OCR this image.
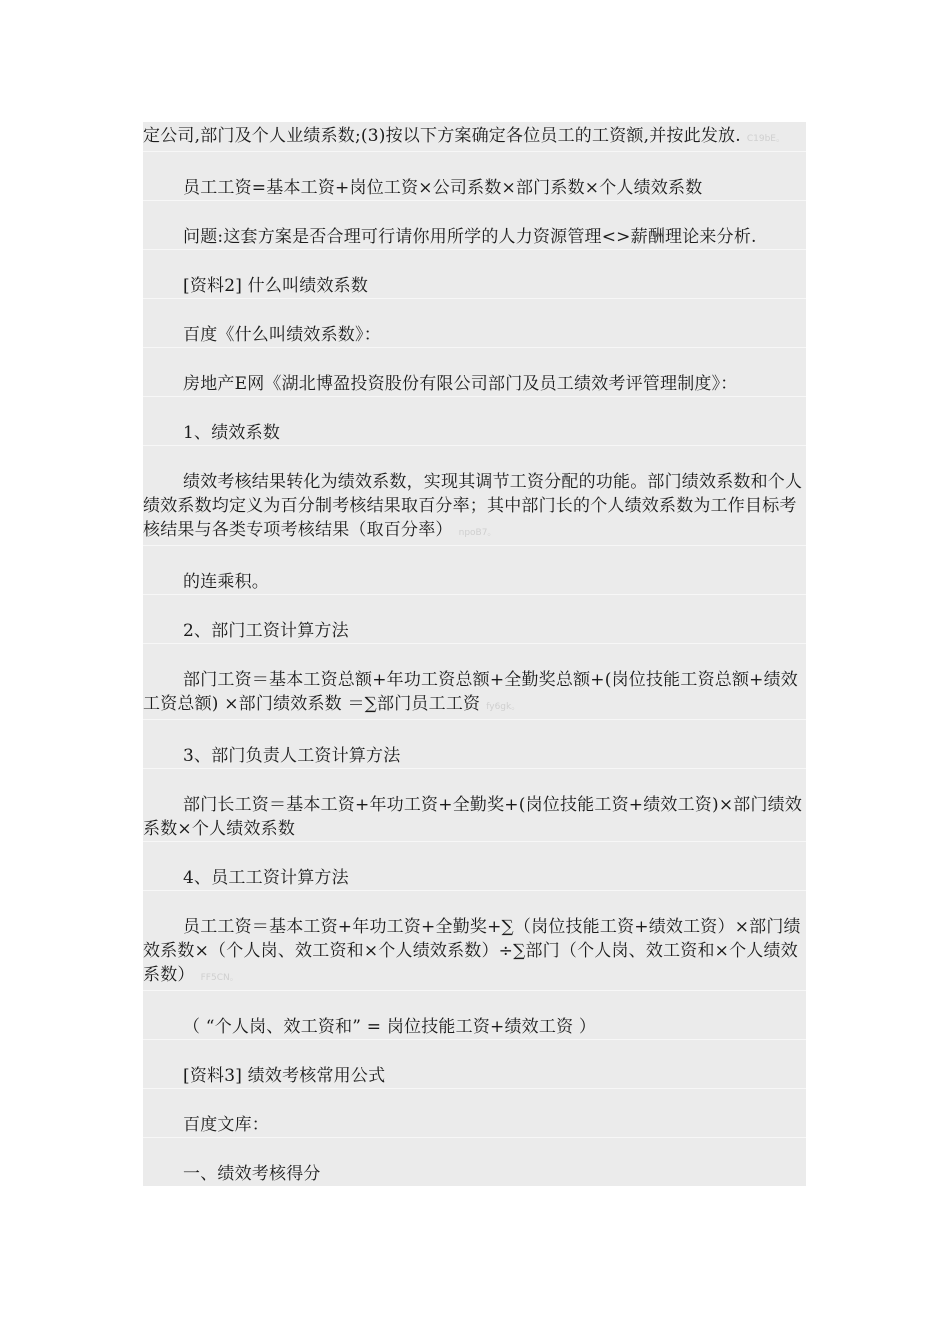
定公司,部门及个人业绩系数;(3)按以下方案确定各位员工的工资额,并按此发放. C19bE。

员工工资=基本工资+岗位工资×公司系数×部门系数×个人绩效系数

问题:这套方案是否合理可行请你用所学的人力资源管理<>薪酬理论来分析.

[资料2] 什么叫绩效系数

百度《什么叫绩效系数》：

房地产E网《湖北博盈投资股份有限公司部门及员工绩效考评管理制度》：

1、绩效系数

绩效考核结果转化为绩效系数，实现其调节工资分配的功能。部门绩效系数和个人绩效系数均定义为百分制考核结果取百分率；其中部门长的个人绩效系数为工作目标考核结果与各类专项考核结果（取百分率） npoB7。

的连乘积。

2、部门工资计算方法

部门工资＝基本工资总额+年功工资总额+全勤奖总额+(岗位技能工资总额+绩效工资总额) ×部门绩效系数 ＝∑部门员工工资 fy6gk。

3、部门负责人工资计算方法

部门长工资＝基本工资+年功工资+全勤奖+(岗位技能工资+绩效工资)×部门绩效系数×个人绩效系数

4、员工工资计算方法

员工工资＝基本工资+年功工资+全勤奖+∑（岗位技能工资+绩效工资）×部门绩效系数×（个人岗、效工资和×个人绩效系数）÷∑部门（个人岗、效工资和×个人绩效系数） FF5CN。

（ “个人岗、效工资和” = 岗位技能工资+绩效工资 ）

[资料3] 绩效考核常用公式

百度文库：

一、绩效考核得分
